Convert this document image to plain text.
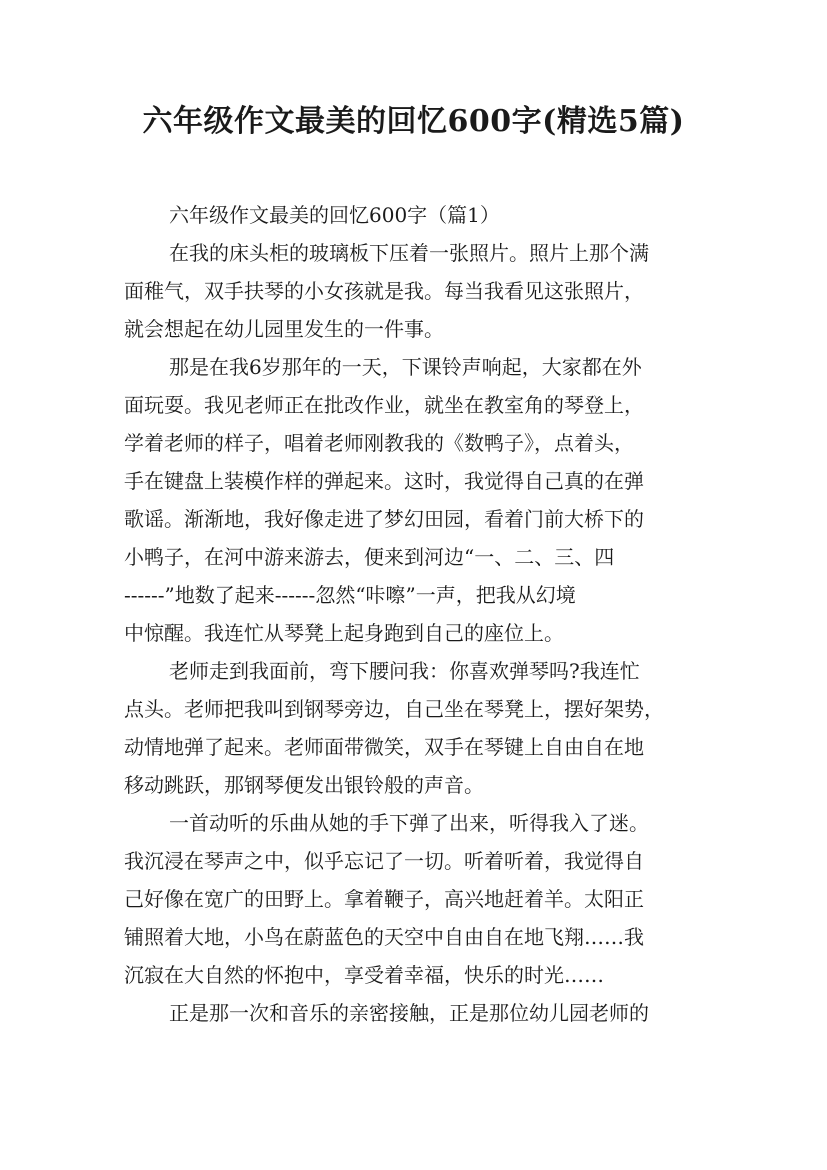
六年级作文最美的回忆600字(精选5篇)
六年级作文最美的回忆600字（篇1）
在我的床头柜的玻璃板下压着一张照片。照片上那个满
面稚气，双手扶琴的小女孩就是我。每当我看见这张照片，
就会想起在幼儿园里发生的一件事。
那是在我6岁那年的一天，下课铃声响起，大家都在外
面玩耍。我见老师正在批改作业，就坐在教室角的琴登上，
学着老师的样子，唱着老师刚教我的《数鸭子》，点着头，
手在键盘上装模作样的弹起来。这时，我觉得自己真的在弹
歌谣。渐渐地，我好像走进了梦幻田园，看着门前大桥下的
小鸭子，在河中游来游去，便来到河边“一、二、三、四
------”地数了起来------忽然“咔嚓”一声，把我从幻境
中惊醒。我连忙从琴凳上起身跑到自己的座位上。
老师走到我面前，弯下腰问我：你喜欢弹琴吗?我连忙
点头。老师把我叫到钢琴旁边，自己坐在琴凳上，摆好架势，
动情地弹了起来。老师面带微笑，双手在琴键上自由自在地
移动跳跃，那钢琴便发出银铃般的声音。
一首动听的乐曲从她的手下弹了出来，听得我入了迷。
我沉浸在琴声之中，似乎忘记了一切。听着听着，我觉得自
己好像在宽广的田野上。拿着鞭子，高兴地赶着羊。太阳正
铺照着大地，小鸟在蔚蓝色的天空中自由自在地飞翔……我
沉寂在大自然的怀抱中，享受着幸福，快乐的时光……
正是那一次和音乐的亲密接触，正是那位幼儿园老师的
